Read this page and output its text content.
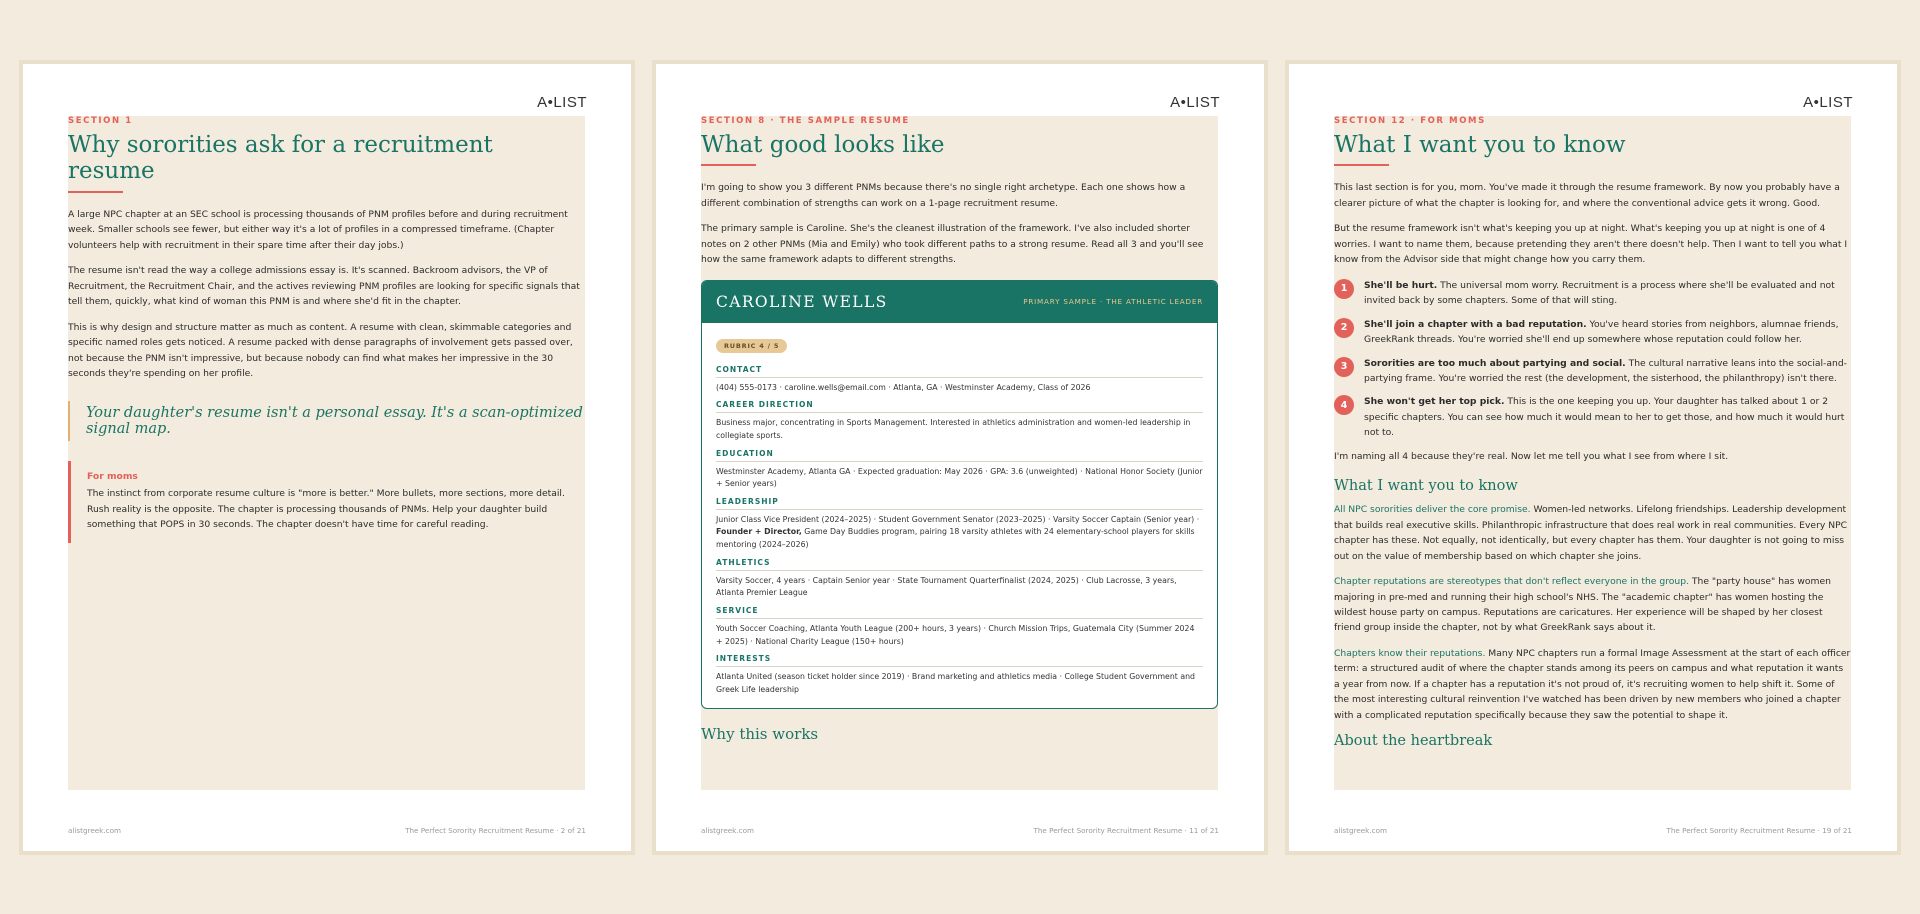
A•LIST
SECTION 1
Why sororities ask for a recruitment resume

A large NPC chapter at an SEC school is processing thousands of PNM profiles before and during recruitment week. Smaller schools see fewer, but either way it's a lot of profiles in a compressed timeframe. (Chapter volunteers help with recruitment in their spare time after their day jobs.)

The resume isn't read the way a college admissions essay is. It's scanned. Backroom advisors, the VP of Recruitment, the Recruitment Chair, and the actives reviewing PNM profiles are looking for specific signals that tell them, quickly, what kind of woman this PNM is and where she'd fit in the chapter.

This is why design and structure matter as much as content. A resume with clean, skimmable categories and specific named roles gets noticed. A resume packed with dense paragraphs of involvement gets passed over, not because the PNM isn't impressive, but because nobody can find what makes her impressive in the 30 seconds they're spending on her profile.

Your daughter's resume isn't a personal essay. It's a scan-optimized signal map.
For moms
The instinct from corporate resume culture is "more is better." More bullets, more sections, more detail. Rush reality is the opposite. The chapter is processing thousands of PNMs. Help your daughter build something that POPS in 30 seconds. The chapter doesn't have time for careful reading.
alistgreek.com	The Perfect Sorority Recruitment Resume · 2 of 21
A•LIST
SECTION 8 · THE SAMPLE RESUME
What good looks like

I'm going to show you 3 different PNMs because there's no single right archetype. Each one shows how a different combination of strengths can work on a 1-page recruitment resume.

The primary sample is Caroline. She's the cleanest illustration of the framework. I've also included shorter notes on 2 other PNMs (Mia and Emily) who took different paths to a strong resume. Read all 3 and you'll see how the same framework adapts to different strengths.

CAROLINE WELLS	PRIMARY SAMPLE · THE ATHLETIC LEADER
RUBRIC 4 / 5
CONTACT
(404) 555-0173 · caroline.wells@email.com · Atlanta, GA · Westminster Academy, Class of 2026
CAREER DIRECTION
Business major, concentrating in Sports Management. Interested in athletics administration and women-led leadership in collegiate sports.
EDUCATION
Westminster Academy, Atlanta GA · Expected graduation: May 2026 · GPA: 3.6 (unweighted) · National Honor Society (Junior + Senior years)
LEADERSHIP
Junior Class Vice President (2024–2025) · Student Government Senator (2023–2025) · Varsity Soccer Captain (Senior year) · Founder + Director, Game Day Buddies program, pairing 18 varsity athletes with 24 elementary-school players for skills mentoring (2024–2026)
ATHLETICS
Varsity Soccer, 4 years · Captain Senior year · State Tournament Quarterfinalist (2024, 2025) · Club Lacrosse, 3 years, Atlanta Premier League
SERVICE
Youth Soccer Coaching, Atlanta Youth League (200+ hours, 3 years) · Church Mission Trips, Guatemala City (Summer 2024 + 2025) · National Charity League (150+ hours)
INTERESTS
Atlanta United (season ticket holder since 2019) · Brand marketing and athletics media · College Student Government and Greek Life leadership
Why this works
alistgreek.com	The Perfect Sorority Recruitment Resume · 11 of 21
A•LIST
SECTION 12 · FOR MOMS
What I want you to know

This last section is for you, mom. You've made it through the resume framework. By now you probably have a clearer picture of what the chapter is looking for, and where the conventional advice gets it wrong. Good.

But the resume framework isn't what's keeping you up at night. What's keeping you up at night is one of 4 worries. I want to name them, because pretending they aren't there doesn't help. Then I want to tell you what I know from the Advisor side that might change how you carry them.

1	She'll be hurt. The universal mom worry. Recruitment is a process where she'll be evaluated and not invited back by some chapters. Some of that will sting.
2	She'll join a chapter with a bad reputation. You've heard stories from neighbors, alumnae friends, GreekRank threads. You're worried she'll end up somewhere whose reputation could follow her.
3	Sororities are too much about partying and social. The cultural narrative leans into the social-and-partying frame. You're worried the rest (the development, the sisterhood, the philanthropy) isn't there.
4	She won't get her top pick. This is the one keeping you up. Your daughter has talked about 1 or 2 specific chapters. You can see how much it would mean to her to get those, and how much it would hurt not to.

I'm naming all 4 because they're real. Now let me tell you what I see from where I sit.

What I want you to know

All NPC sororities deliver the core promise. Women-led networks. Lifelong friendships. Leadership development that builds real executive skills. Philanthropic infrastructure that does real work in real communities. Every NPC chapter has these. Not equally, not identically, but every chapter has them. Your daughter is not going to miss out on the value of membership based on which chapter she joins.

Chapter reputations are stereotypes that don't reflect everyone in the group. The "party house" has women majoring in pre-med and running their high school's NHS. The "academic chapter" has women hosting the wildest house party on campus. Reputations are caricatures. Her experience will be shaped by her closest friend group inside the chapter, not by what GreekRank says about it.

Chapters know their reputations. Many NPC chapters run a formal Image Assessment at the start of each officer term: a structured audit of where the chapter stands among its peers on campus and what reputation it wants a year from now. If a chapter has a reputation it's not proud of, it's recruiting women to help shift it. Some of the most interesting cultural reinvention I've watched has been driven by new members who joined a chapter with a complicated reputation specifically because they saw the potential to shape it.

About the heartbreak
alistgreek.com	The Perfect Sorority Recruitment Resume · 19 of 21
